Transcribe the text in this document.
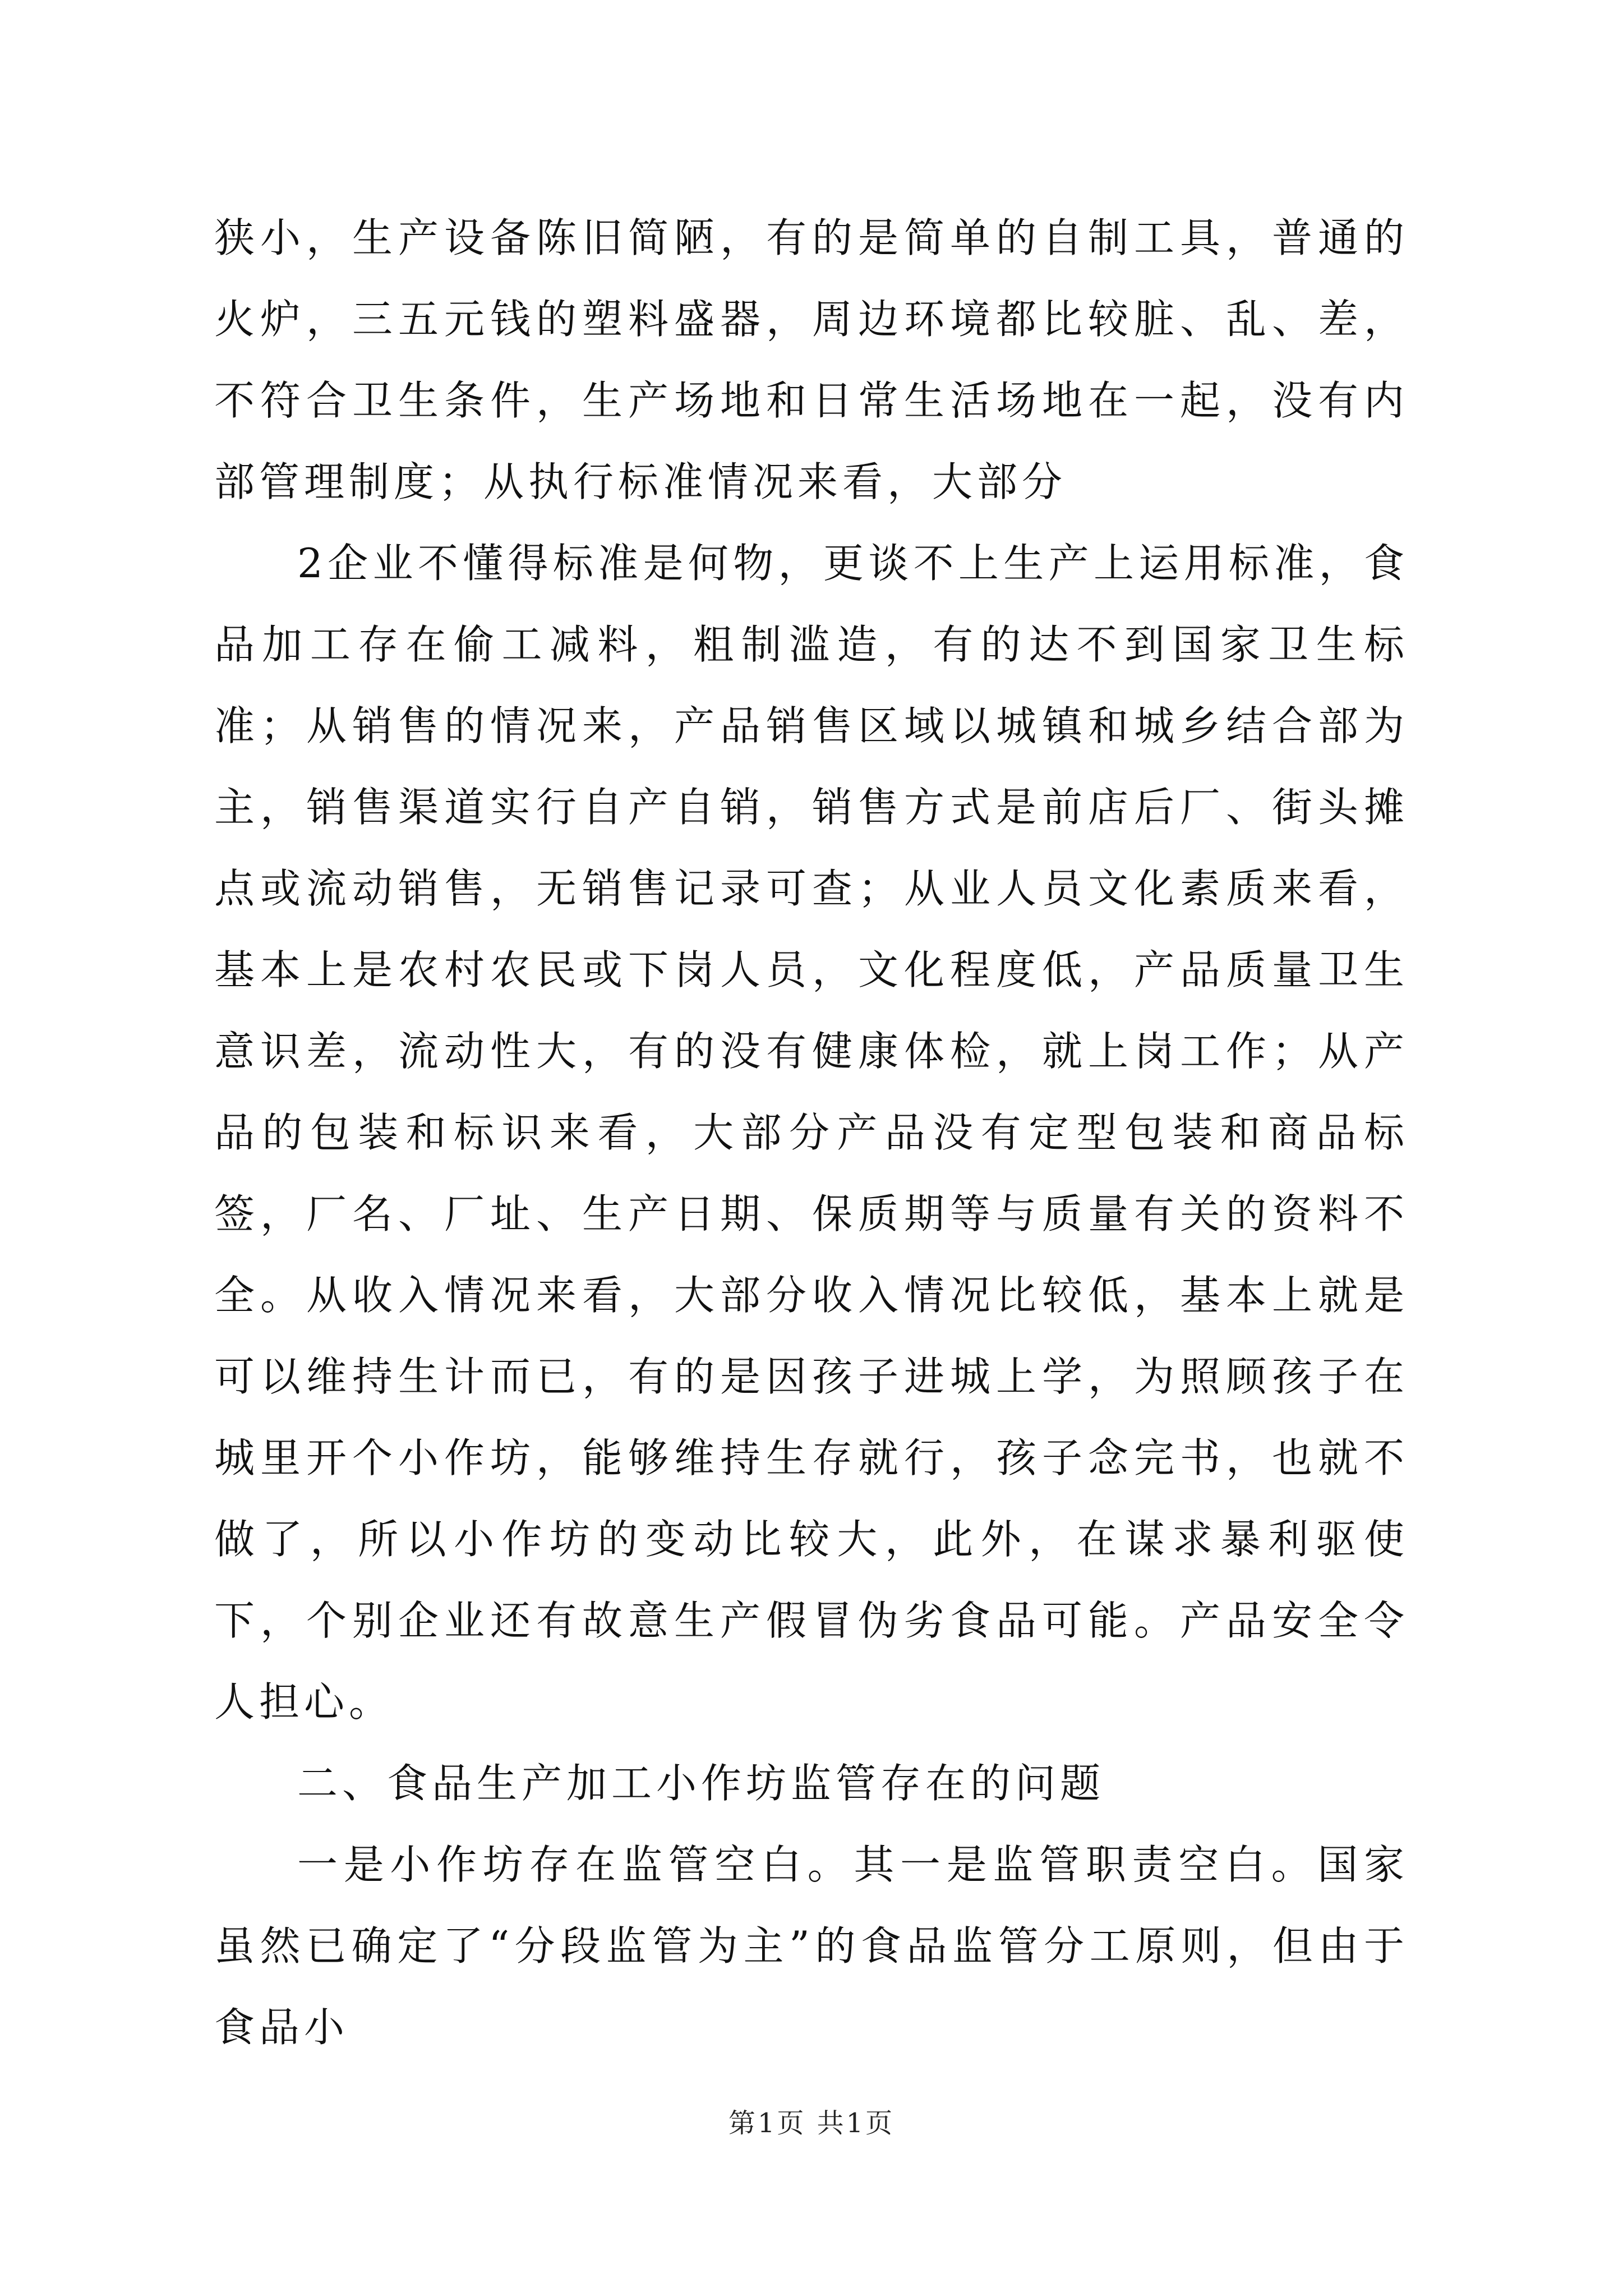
狭小，生产设备陈旧简陋，有的是简单的自制工具，普通的火炉，三五元钱的塑料盛器，周边环境都比较脏、乱、差，不符合卫生条件，生产场地和日常生活场地在一起，没有内部管理制度；从执行标准情况来看，大部分

2企业不懂得标准是何物，更谈不上生产上运用标准，食品加工存在偷工减料，粗制滥造，有的达不到国家卫生标准；从销售的情况来，产品销售区域以城镇和城乡结合部为主，销售渠道实行自产自销，销售方式是前店后厂、街头摊点或流动销售，无销售记录可查；从业人员文化素质来看，基本上是农村农民或下岗人员，文化程度低，产品质量卫生意识差，流动性大，有的没有健康体检，就上岗工作；从产品的包装和标识来看，大部分产品没有定型包装和商品标签，厂名、厂址、生产日期、保质期等与质量有关的资料不全。从收入情况来看，大部分收入情况比较低，基本上就是可以维持生计而已，有的是因孩子进城上学，为照顾孩子在城里开个小作坊，能够维持生存就行，孩子念完书，也就不做了，所以小作坊的变动比较大，此外，在谋求暴利驱使下，个别企业还有故意生产假冒伪劣食品可能。产品安全令人担心。

二、食品生产加工小作坊监管存在的问题

一是小作坊存在监管空白。其一是监管职责空白。国家虽然已确定了“分段监管为主”的食品监管分工原则，但由于食品小

第1页 共1页
